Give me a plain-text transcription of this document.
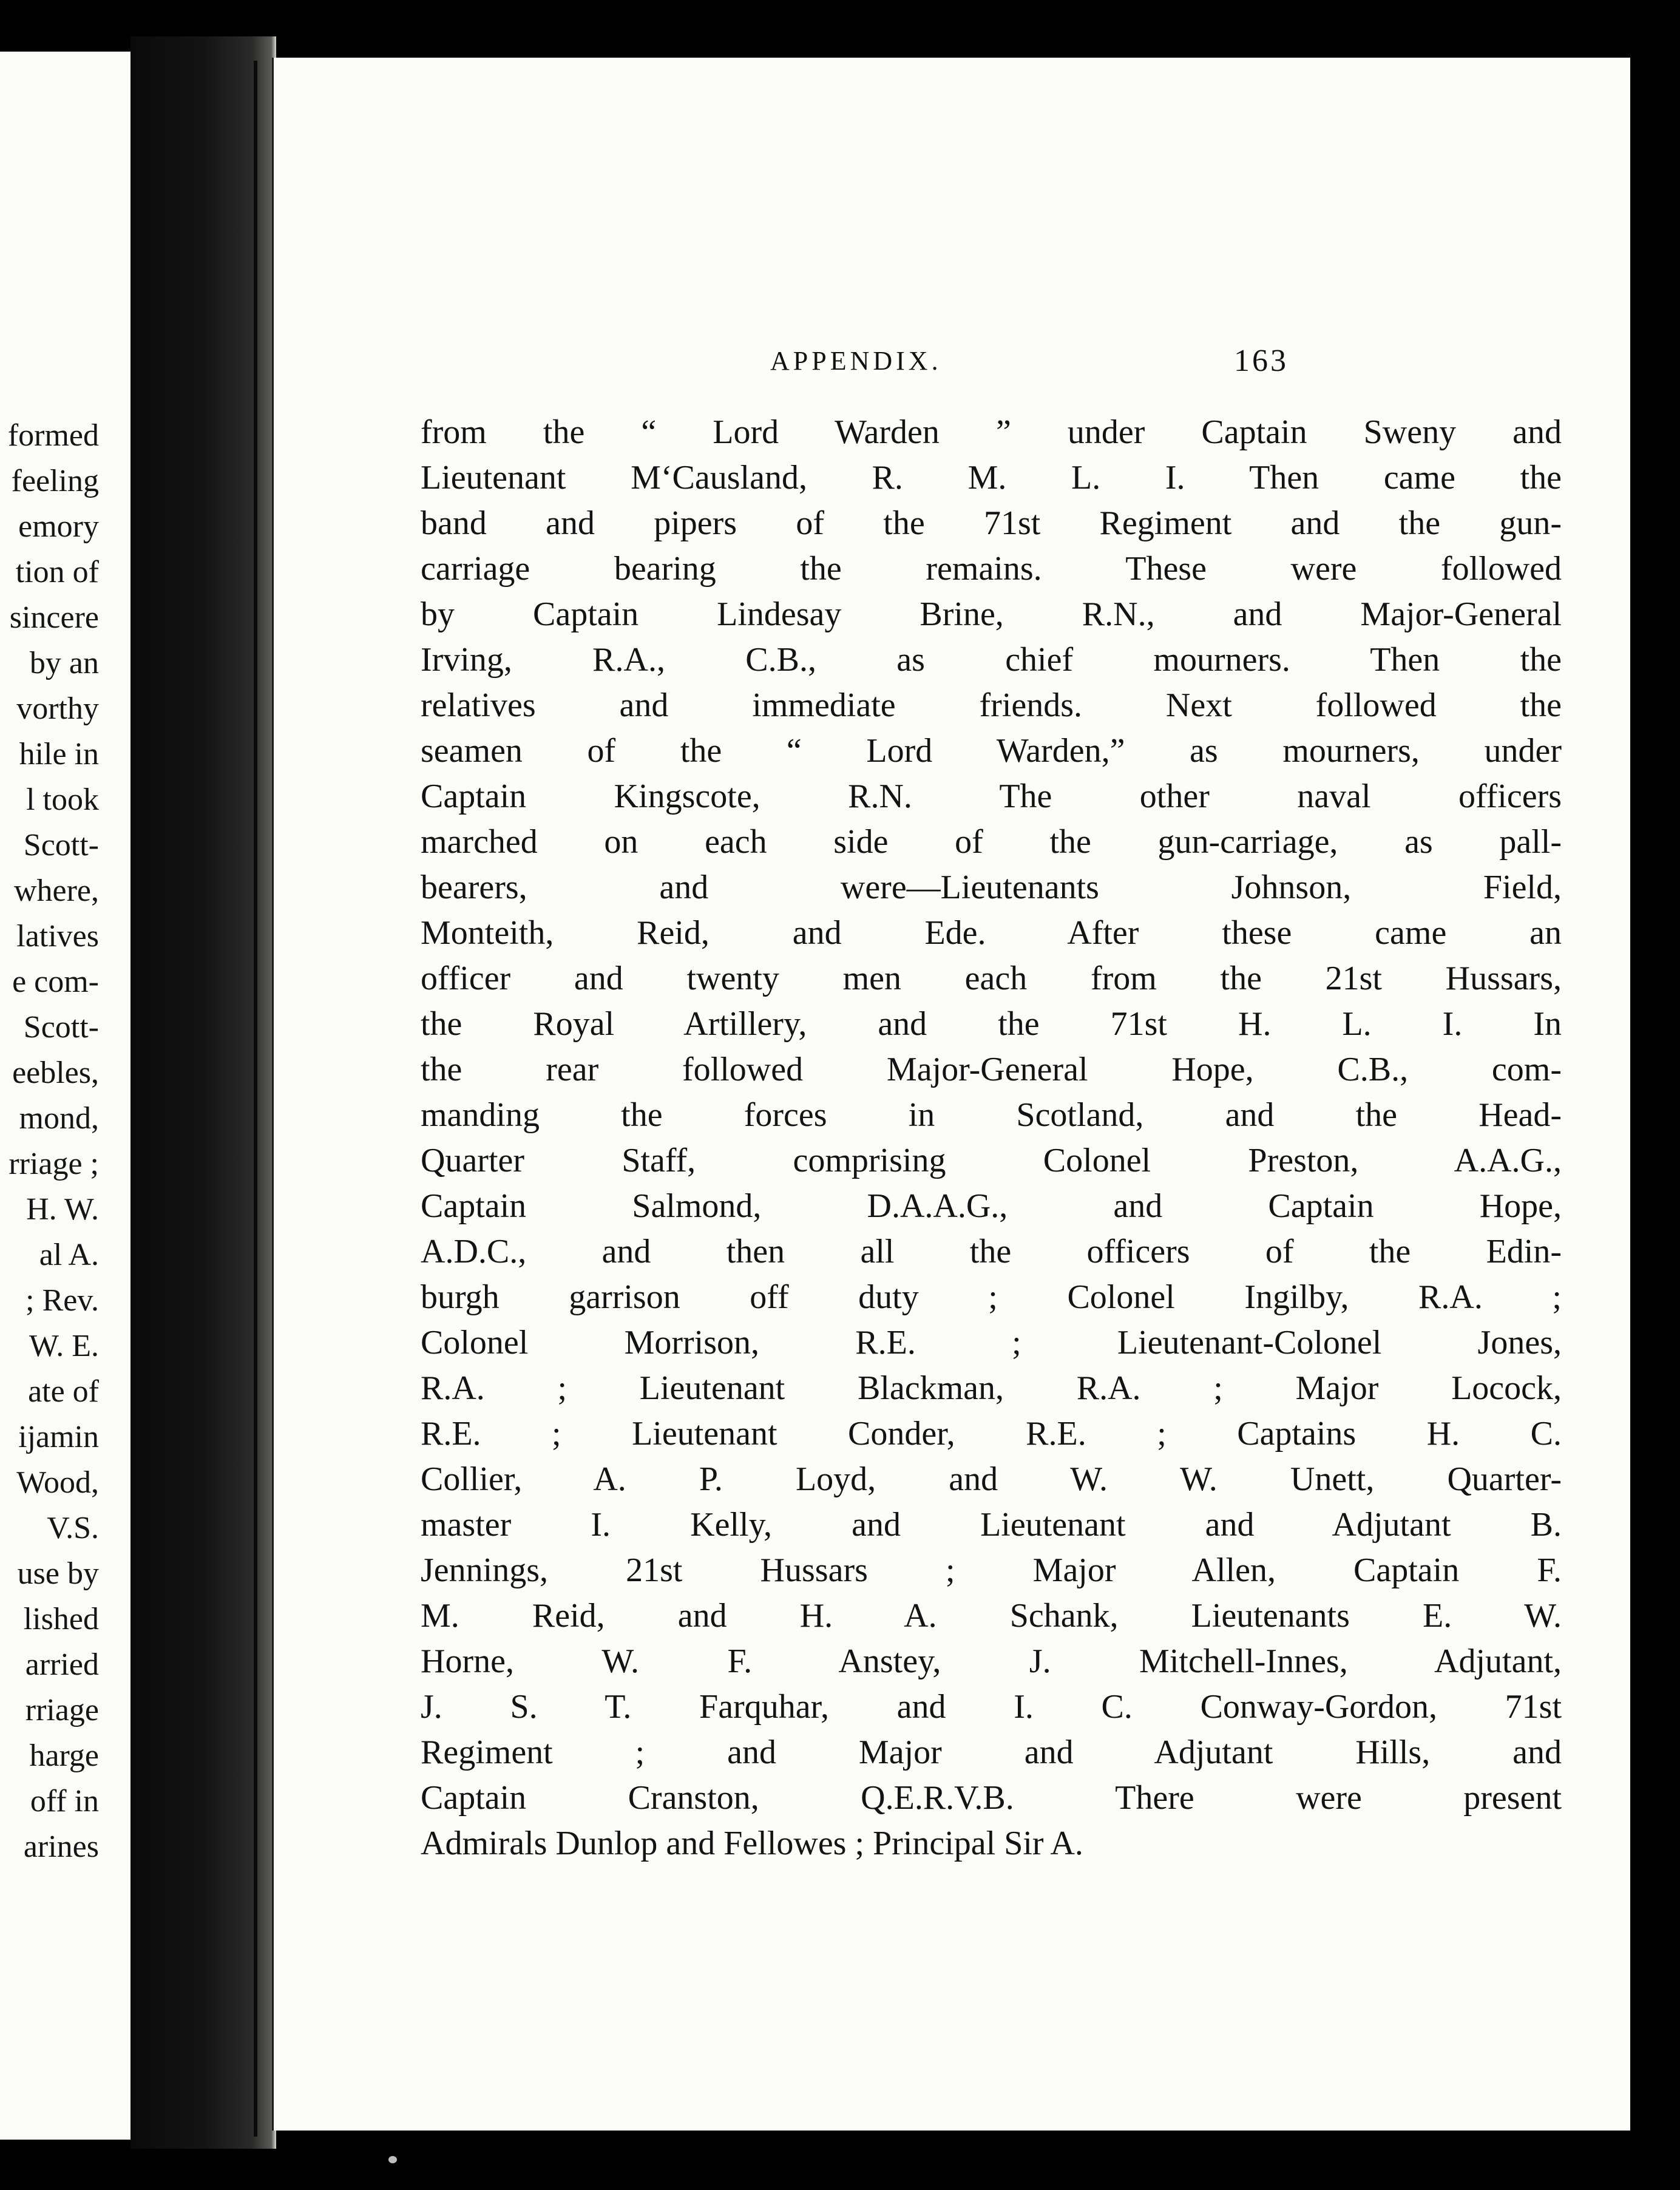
formed
feeling
emory
tion of
sincere
by an
vorthy
hile in
l took
Scott-
where,
latives
e com-
Scott-
eebles,
mond,
rriage ;
H. W.
al A.
; Rev.
W. E.
ate of
ijamin
Wood,
V.S.
use by
lished
arried
rriage
harge
off in
arines
APPENDIX.	163
from the “ Lord Warden ” under Captain Sweny and
Lieutenant M‘Causland, R. M. L. I. Then came the
band and pipers of the 71st Regiment and the gun-
carriage bearing the remains. These were followed
by Captain Lindesay Brine, R.N., and Major-General
Irving, R.A., C.B., as chief mourners. Then the
relatives and immediate friends. Next followed the
seamen of the “ Lord Warden,” as mourners, under
Captain Kingscote, R.N. The other naval officers
marched on each side of the gun-carriage, as pall-
bearers, and were—Lieutenants Johnson, Field,
Monteith, Reid, and Ede. After these came an
officer and twenty men each from the 21st Hussars,
the Royal Artillery, and the 71st H. L. I. In
the rear followed Major-General Hope, C.B., com-
manding the forces in Scotland, and the Head-
Quarter Staff, comprising Colonel Preston, A.A.G.,
Captain Salmond, D.A.A.G., and Captain Hope,
A.D.C., and then all the officers of the Edin-
burgh garrison off duty ; Colonel Ingilby, R.A. ;
Colonel Morrison, R.E. ; Lieutenant-Colonel Jones,
R.A. ; Lieutenant Blackman, R.A. ; Major Locock,
R.E. ; Lieutenant Conder, R.E. ; Captains H. C.
Collier, A. P. Loyd, and W. W. Unett, Quarter-
master I. Kelly, and Lieutenant and Adjutant B.
Jennings, 21st Hussars ; Major Allen, Captain F.
M. Reid, and H. A. Schank, Lieutenants E. W.
Horne, W. F. Anstey, J. Mitchell-Innes, Adjutant,
J. S. T. Farquhar, and I. C. Conway-Gordon, 71st
Regiment ; and Major and Adjutant Hills, and
Captain Cranston, Q.E.R.V.B. There were present
Admirals Dunlop and Fellowes ; Principal Sir A.
